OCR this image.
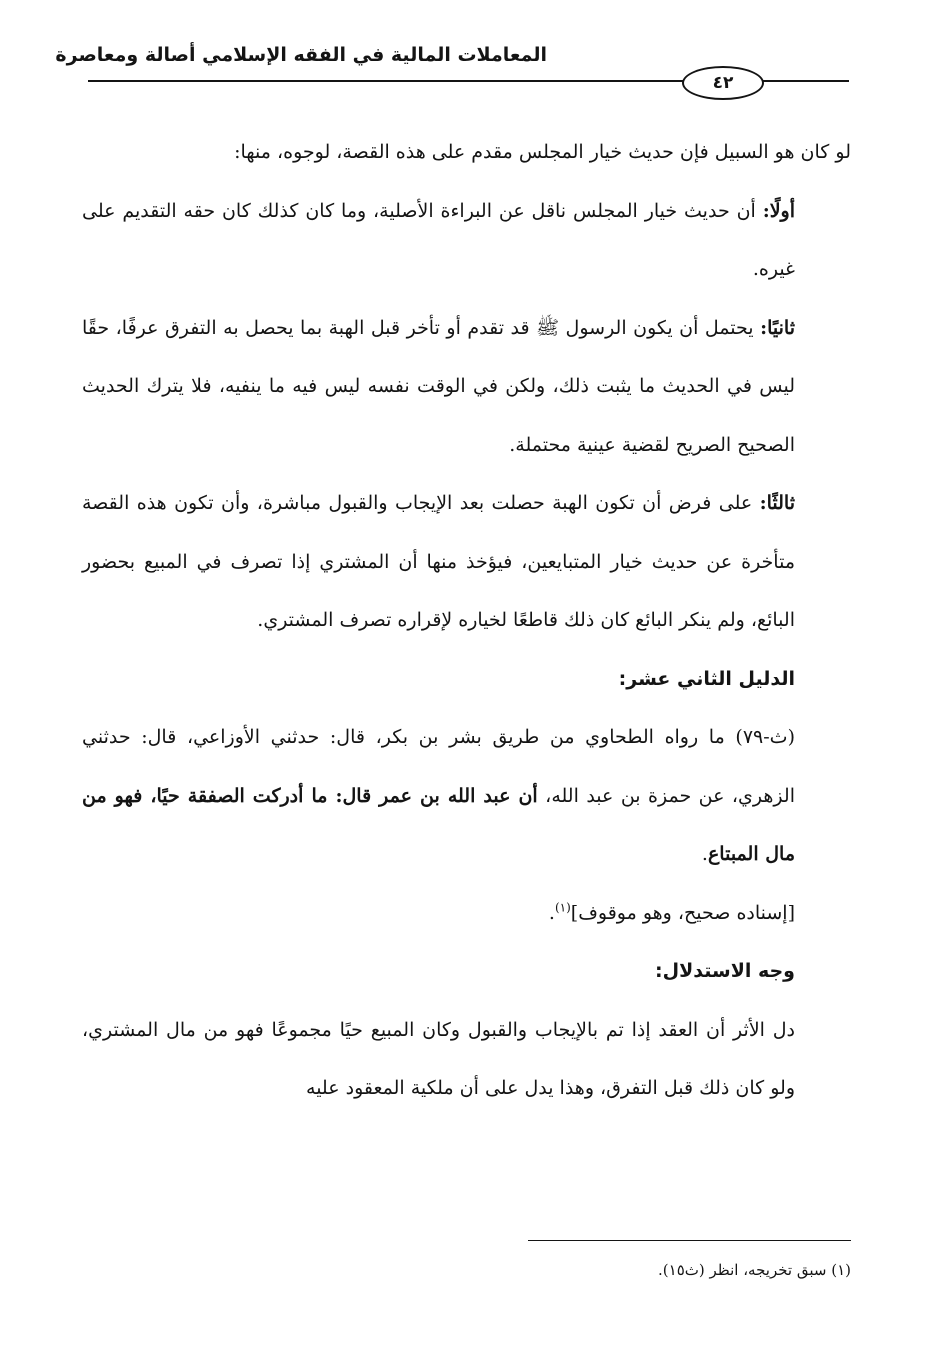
المعاملات المالية في الفقه الإسلامي أصالة ومعاصرة
٤٢

لو كان هو السبيل فإن حديث خيار المجلس مقدم على هذه القصة، لوجوه، منها:

أولًا: أن حديث خيار المجلس ناقل عن البراءة الأصلية، وما كان كذلك كان حقه التقديم على غيره.

ثانيًا: يحتمل أن يكون الرسول ﷺ قد تقدم أو تأخر قبل الهبة بما يحصل به التفرق عرفًا، حقًا ليس في الحديث ما يثبت ذلك، ولكن في الوقت نفسه ليس فيه ما ينفيه، فلا يترك الحديث الصحيح الصريح لقضية عينية محتملة.

ثالثًا: على فرض أن تكون الهبة حصلت بعد الإيجاب والقبول مباشرة، وأن تكون هذه القصة متأخرة عن حديث خيار المتبايعين، فيؤخذ منها أن المشتري إذا تصرف في المبيع بحضور البائع، ولم ينكر البائع كان ذلك قاطعًا لخياره لإقراره تصرف المشتري.

الدليل الثاني عشر:

(ث-٧٩) ما رواه الطحاوي من طريق بشر بن بكر، قال: حدثني الأوزاعي، قال: حدثني الزهري، عن حمزة بن عبد الله، أن عبد الله بن عمر قال: ما أدركت الصفقة حيًا، فهو من مال المبتاع.

[إسناده صحيح، وهو موقوف]$^{(١)}$.

وجه الاستدلال:

دل الأثر أن العقد إذا تم بالإيجاب والقبول وكان المبيع حيًا مجموعًا فهو من مال المشتري، ولو كان ذلك قبل التفرق، وهذا يدل على أن ملكية المعقود عليه

(١) سبق تخريجه، انظر (ث١٥).
